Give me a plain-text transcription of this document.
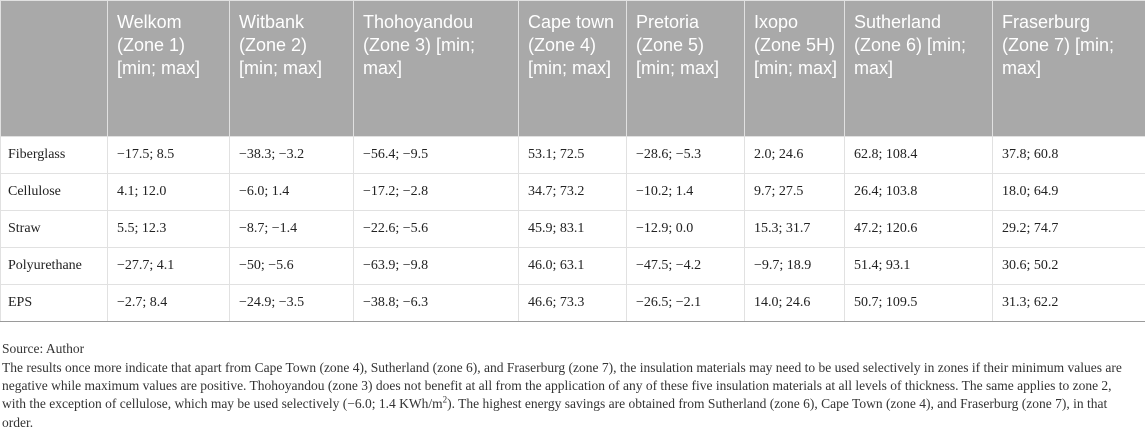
	Welkom (Zone 1) [min; max]	Witbank (Zone 2) [min; max]	Thohoyandou (Zone 3) [min; max]	Cape town (Zone 4) [min; max]	Pretoria (Zone 5) [min; max]	Ixopo (Zone 5H) [min; max]	Sutherland (Zone 6) [min; max]	Fraserburg (Zone 7) [min; max]
Fiberglass	−17.5; 8.5	−38.3; −3.2	−56.4; −9.5	53.1; 72.5	−28.6; −5.3	2.0; 24.6	62.8; 108.4	37.8; 60.8
Cellulose	4.1; 12.0	−6.0; 1.4	−17.2; −2.8	34.7; 73.2	−10.2; 1.4	9.7; 27.5	26.4; 103.8	18.0; 64.9
Straw	5.5; 12.3	−8.7; −1.4	−22.6; −5.6	45.9; 83.1	−12.9; 0.0	15.3; 31.7	47.2; 120.6	29.2; 74.7
Polyurethane	−27.7; 4.1	−50; −5.6	−63.9; −9.8	46.0; 63.1	−47.5; −4.2	−9.7; 18.9	51.4; 93.1	30.6; 50.2
EPS	−2.7; 8.4	−24.9; −3.5	−38.8; −6.3	46.6; 73.3	−26.5; −2.1	14.0; 24.6	50.7; 109.5	31.3; 62.2
Source: Author
The results once more indicate that apart from Cape Town (zone 4), Sutherland (zone 6), and Fraserburg (zone 7), the insulation materials may need to be used selectively in zones if their minimum values are negative while maximum values are positive. Thohoyandou (zone 3) does not benefit at all from the application of any of these five insulation materials at all levels of thickness. The same applies to zone 2, with the exception of cellulose, which may be used selectively (−6.0; 1.4 KWh/$m^2$). The highest energy savings are obtained from Sutherland (zone 6), Cape Town (zone 4), and Fraserburg (zone 7), in that order.
